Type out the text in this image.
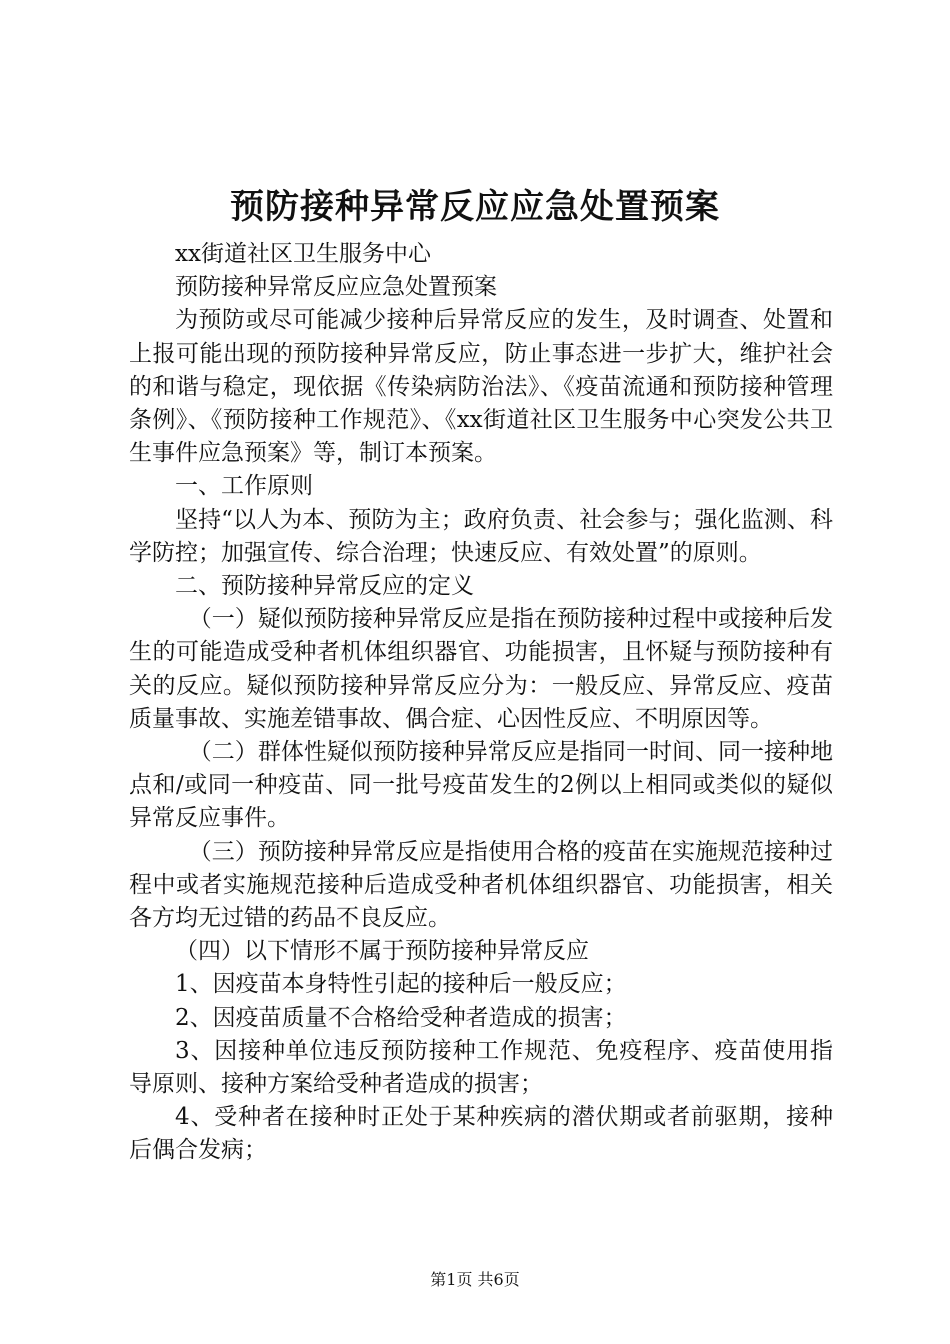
预防接种异常反应应急处置预案

xx街道社区卫生服务中心

预防接种异常反应应急处置预案

为预防或尽可能减少接种后异常反应的发生，及时调查、处置和上报可能出现的预防接种异常反应，防止事态进一步扩大，维护社会的和谐与稳定，现依据《传染病防治法》、《疫苗流通和预防接种管理条例》、《预防接种工作规范》、《xx街道社区卫生服务中心突发公共卫生事件应急预案》等，制订本预案。

一、工作原则

坚持“以人为本、预防为主；政府负责、社会参与；强化监测、科学防控；加强宣传、综合治理；快速反应、有效处置”的原则。

二、预防接种异常反应的定义

（一）疑似预防接种异常反应是指在预防接种过程中或接种后发生的可能造成受种者机体组织器官、功能损害，且怀疑与预防接种有关的反应。疑似预防接种异常反应分为：一般反应、异常反应、疫苗质量事故、实施差错事故、偶合症、心因性反应、不明原因等。

（二）群体性疑似预防接种异常反应是指同一时间、同一接种地点和/或同一种疫苗、同一批号疫苗发生的2例以上相同或类似的疑似异常反应事件。

（三）预防接种异常反应是指使用合格的疫苗在实施规范接种过程中或者实施规范接种后造成受种者机体组织器官、功能损害，相关各方均无过错的药品不良反应。

（四）以下情形不属于预防接种异常反应

1、因疫苗本身特性引起的接种后一般反应；

2、因疫苗质量不合格给受种者造成的损害；

3、因接种单位违反预防接种工作规范、免疫程序、疫苗使用指导原则、接种方案给受种者造成的损害；

4、受种者在接种时正处于某种疾病的潜伏期或者前驱期，接种后偶合发病；

第1页 共6页
